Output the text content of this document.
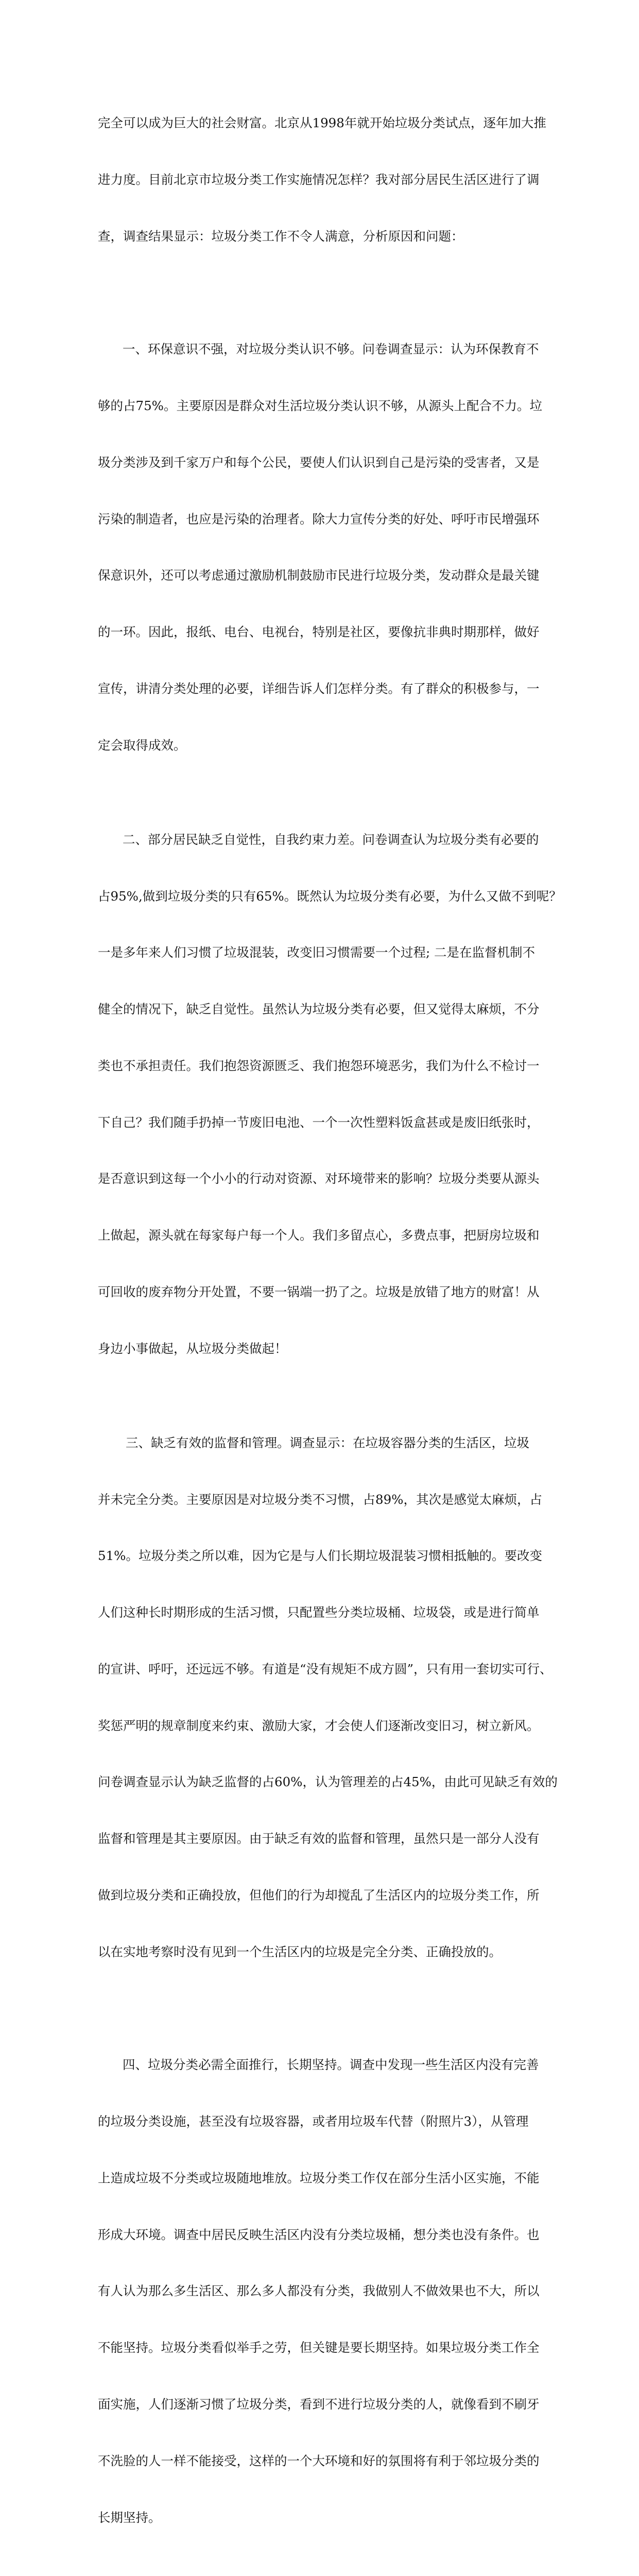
完全可以成为巨大的社会财富。北京从1998年就开始垃圾分类试点，逐年加大推

进力度。目前北京市垃圾分类工作实施情况怎样？我对部分居民生活区进行了调

查，调查结果显示：垃圾分类工作不令人满意，分析原因和问题：

一、环保意识不强，对垃圾分类认识不够。问卷调查显示：认为环保教育不

够的占75%。主要原因是群众对生活垃圾分类认识不够，从源头上配合不力。垃

圾分类涉及到千家万户和每个公民，要使人们认识到自己是污染的受害者，又是

污染的制造者，也应是污染的治理者。除大力宣传分类的好处、呼吁市民增强环

保意识外，还可以考虑通过激励机制鼓励市民进行垃圾分类，发动群众是最关键

的一环。因此，报纸、电台、电视台，特别是社区，要像抗非典时期那样，做好

宣传，讲清分类处理的必要，详细告诉人们怎样分类。有了群众的积极参与，一

定会取得成效。

二、部分居民缺乏自觉性，自我约束力差。问卷调查认为垃圾分类有必要的

占95%,做到垃圾分类的只有65%。既然认为垃圾分类有必要，为什么又做不到呢？

一是多年来人们习惯了垃圾混装，改变旧习惯需要一个过程; 二是在监督机制不

健全的情况下，缺乏自觉性。虽然认为垃圾分类有必要，但又觉得太麻烦，不分

类也不承担责任。我们抱怨资源匮乏、我们抱怨环境恶劣，我们为什么不检讨一

下自己？我们随手扔掉一节废旧电池、一个一次性塑料饭盒甚或是废旧纸张时，

是否意识到这每一个小小的行动对资源、对环境带来的影响？垃圾分类要从源头

上做起，源头就在每家每户每一个人。我们多留点心，多费点事，把厨房垃圾和

可回收的废弃物分开处置，不要一锅端一扔了之。垃圾是放错了地方的财富！从

身边小事做起，从垃圾分类做起！

三、缺乏有效的监督和管理。调查显示：在垃圾容器分类的生活区，垃圾

并未完全分类。主要原因是对垃圾分类不习惯，占89%，其次是感觉太麻烦，占

51%。垃圾分类之所以难，因为它是与人们长期垃圾混装习惯相抵触的。要改变

人们这种长时期形成的生活习惯，只配置些分类垃圾桶、垃圾袋，或是进行简单

的宣讲、呼吁，还远远不够。有道是“没有规矩不成方圆”，只有用一套切实可行、

奖惩严明的规章制度来约束、激励大家，才会使人们逐渐改变旧习，树立新风。

问卷调查显示认为缺乏监督的占60%，认为管理差的占45%，由此可见缺乏有效的

监督和管理是其主要原因。由于缺乏有效的监督和管理，虽然只是一部分人没有

做到垃圾分类和正确投放，但他们的行为却搅乱了生活区内的垃圾分类工作，所

以在实地考察时没有见到一个生活区内的垃圾是完全分类、正确投放的。

四、垃圾分类必需全面推行，长期坚持。调查中发现一些生活区内没有完善

的垃圾分类设施，甚至没有垃圾容器，或者用垃圾车代替（附照片3），从管理

上造成垃圾不分类或垃圾随地堆放。垃圾分类工作仅在部分生活小区实施，不能

形成大环境。调查中居民反映生活区内没有分类垃圾桶，想分类也没有条件。也

有人认为那么多生活区、那么多人都没有分类，我做别人不做效果也不大，所以

不能坚持。垃圾分类看似举手之劳，但关键是要长期坚持。如果垃圾分类工作全

面实施，人们逐渐习惯了垃圾分类，看到不进行垃圾分类的人，就像看到不刷牙

不洗脸的人一样不能接受，这样的一个大环境和好的氛围将有利于邻垃圾分类的

长期坚持。
